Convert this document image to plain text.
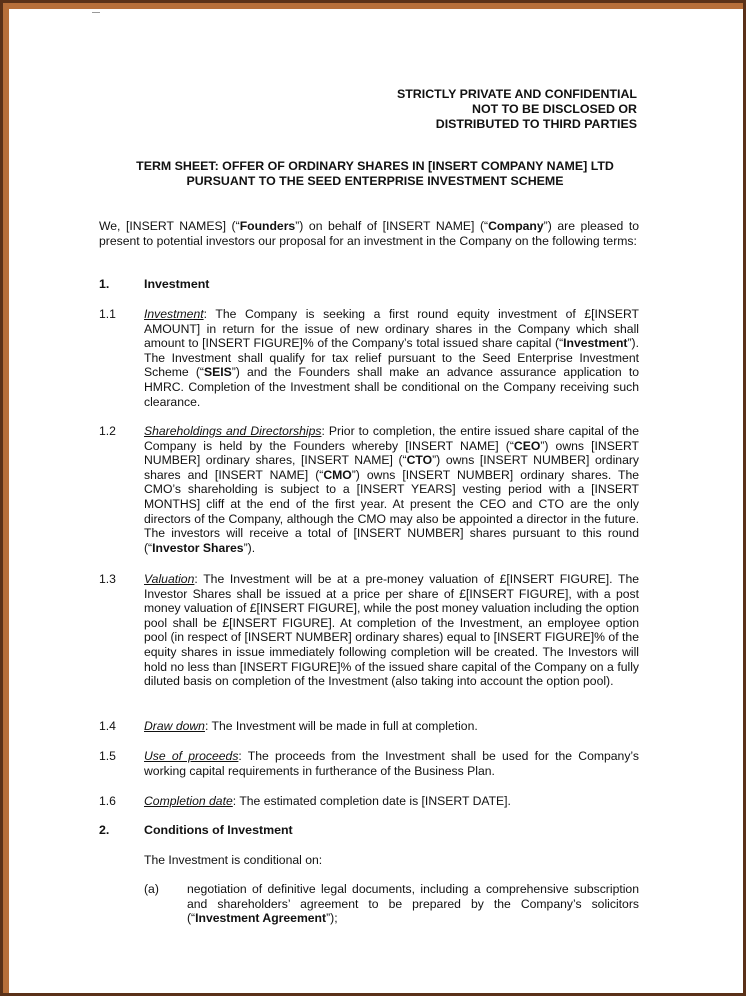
STRICTLY PRIVATE AND CONFIDENTIAL
NOT TO BE DISCLOSED OR
DISTRIBUTED TO THIRD PARTIES
TERM SHEET: OFFER OF ORDINARY SHARES IN [INSERT COMPANY NAME] LTD
PURSUANT TO THE SEED ENTERPRISE INVESTMENT SCHEME
We, [INSERT NAMES] (“Founders”) on behalf of [INSERT NAME] (“Company”) are pleased to present to potential investors our proposal for an investment in the Company on the following terms:
1.	Investment
1.1 Investment: The Company is seeking a first round equity investment of £[INSERT AMOUNT] in return for the issue of new ordinary shares in the Company which shall amount to [INSERT FIGURE]% of the Company’s total issued share capital (“Investment”). The Investment shall qualify for tax relief pursuant to the Seed Enterprise Investment Scheme (“SEIS”) and the Founders shall make an advance assurance application to HMRC. Completion of the Investment shall be conditional on the Company receiving such clearance.
1.2 Shareholdings and Directorships: Prior to completion, the entire issued share capital of the Company is held by the Founders whereby [INSERT NAME] (“CEO”) owns [INSERT NUMBER] ordinary shares, [INSERT NAME] (“CTO”) owns [INSERT NUMBER] ordinary shares and [INSERT NAME] (“CMO”) owns [INSERT NUMBER] ordinary shares. The CMO’s shareholding is subject to a [INSERT YEARS] vesting period with a [INSERT MONTHS] cliff at the end of the first year. At present the CEO and CTO are the only directors of the Company, although the CMO may also be appointed a director in the future. The investors will receive a total of [INSERT NUMBER] shares pursuant to this round (“Investor Shares”).
1.3 Valuation: The Investment will be at a pre-money valuation of £[INSERT FIGURE]. The Investor Shares shall be issued at a price per share of £[INSERT FIGURE], with a post money valuation of £[INSERT FIGURE], while the post money valuation including the option pool shall be £[INSERT FIGURE]. At completion of the Investment, an employee option pool (in respect of [INSERT NUMBER] ordinary shares) equal to [INSERT FIGURE]% of the equity shares in issue immediately following completion will be created. The Investors will hold no less than [INSERT FIGURE]% of the issued share capital of the Company on a fully diluted basis on completion of the Investment (also taking into account the option pool).
1.4 Draw down: The Investment will be made in full at completion.
1.5 Use of proceeds: The proceeds from the Investment shall be used for the Company’s working capital requirements in furtherance of the Business Plan.
1.6 Completion date: The estimated completion date is [INSERT DATE].
2.	Conditions of Investment
The Investment is conditional on:
(a) negotiation of definitive legal documents, including a comprehensive subscription and shareholders’ agreement to be prepared by the Company’s solicitors (“Investment Agreement”);
